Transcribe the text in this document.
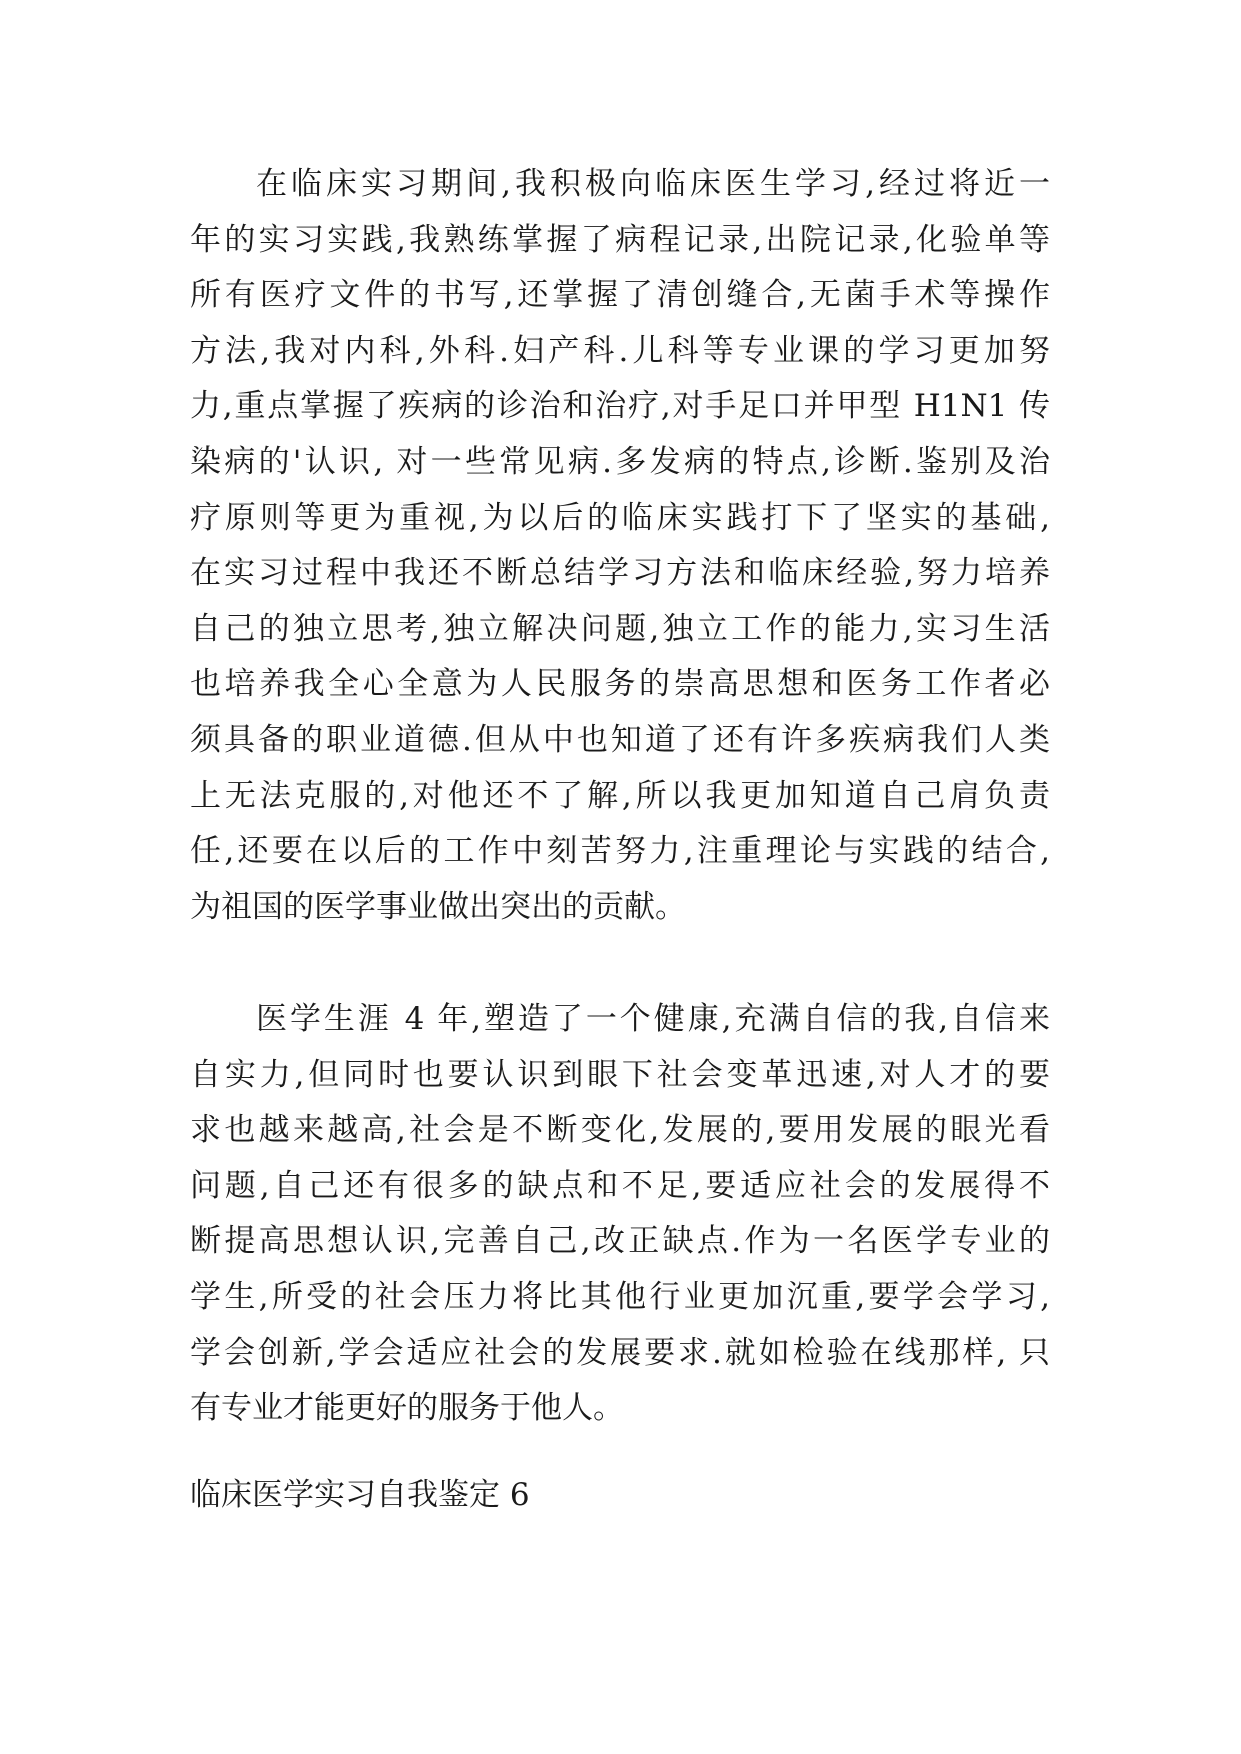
在临床实习期间,我积极向临床医生学习,经过将近一
年的实习实践,我熟练掌握了病程记录,出院记录,化验单等
所有医疗文件的书写,还掌握了清创缝合,无菌手术等操作
方法,我对内科,外科.妇产科.儿科等专业课的学习更加努
力,重点掌握了疾病的诊治和治疗,对手足口并甲型 H1N1 传
染病的'认识, 对一些常见病.多发病的特点,诊断.鉴别及治
疗原则等更为重视,为以后的临床实践打下了坚实的基础,
在实习过程中我还不断总结学习方法和临床经验,努力培养
自己的独立思考,独立解决问题,独立工作的能力,实习生活
也培养我全心全意为人民服务的崇高思想和医务工作者必
须具备的职业道德.但从中也知道了还有许多疾病我们人类
上无法克服的,对他还不了解,所以我更加知道自己肩负责
任,还要在以后的工作中刻苦努力,注重理论与实践的结合,
为祖国的医学事业做出突出的贡献。
医学生涯 4 年,塑造了一个健康,充满自信的我,自信来
自实力,但同时也要认识到眼下社会变革迅速,对人才的要
求也越来越高,社会是不断变化,发展的,要用发展的眼光看
问题,自己还有很多的缺点和不足,要适应社会的发展得不
断提高思想认识,完善自己,改正缺点.作为一名医学专业的
学生,所受的社会压力将比其他行业更加沉重,要学会学习,
学会创新,学会适应社会的发展要求.就如检验在线那样, 只
有专业才能更好的服务于他人。
临床医学实习自我鉴定 6
